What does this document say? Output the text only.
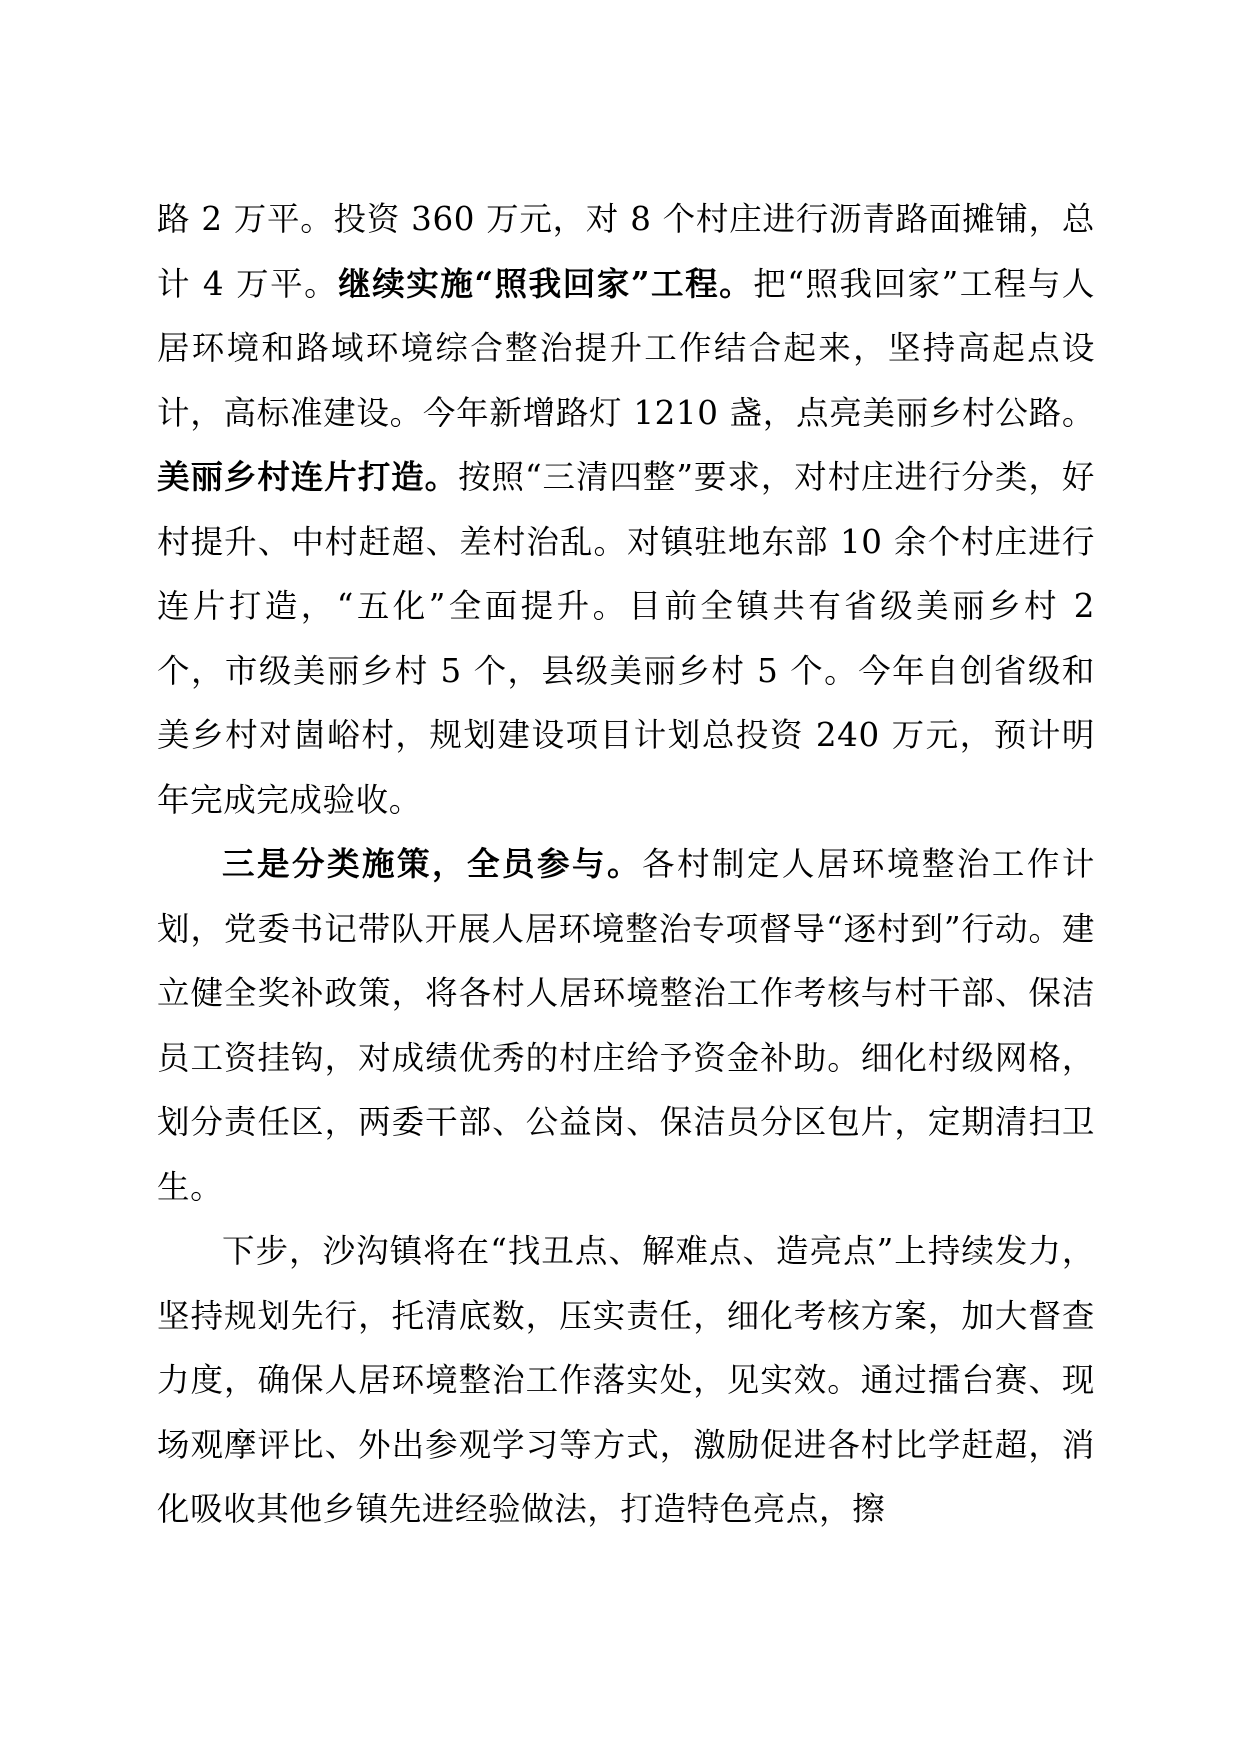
路 2 万平。投资 360 万元，对 8 个村庄进行沥青路面摊铺，总计 4 万平。继续实施“照我回家”工程。把“照我回家”工程与人居环境和路域环境综合整治提升工作结合起来，坚持高起点设计，高标准建设。今年新增路灯 1210 盏，点亮美丽乡村公路。美丽乡村连片打造。按照“三清四整”要求，对村庄进行分类，好村提升、中村赶超、差村治乱。对镇驻地东部 10 余个村庄进行连片打造，“五化”全面提升。目前全镇共有省级美丽乡村 2 个，市级美丽乡村 5 个，县级美丽乡村 5 个。今年自创省级和美乡村对崮峪村，规划建设项目计划总投资 240 万元，预计明年完成完成验收。

三是分类施策，全员参与。各村制定人居环境整治工作计划，党委书记带队开展人居环境整治专项督导“逐村到”行动。建立健全奖补政策，将各村人居环境整治工作考核与村干部、保洁员工资挂钩，对成绩优秀的村庄给予资金补助。细化村级网格，划分责任区，两委干部、公益岗、保洁员分区包片，定期清扫卫生。

下步，沙沟镇将在“找丑点、解难点、造亮点”上持续发力，坚持规划先行，托清底数，压实责任，细化考核方案，加大督查力度，确保人居环境整治工作落实处，见实效。通过擂台赛、现场观摩评比、外出参观学习等方式，激励促进各村比学赶超，消化吸收其他乡镇先进经验做法，打造特色亮点，擦
